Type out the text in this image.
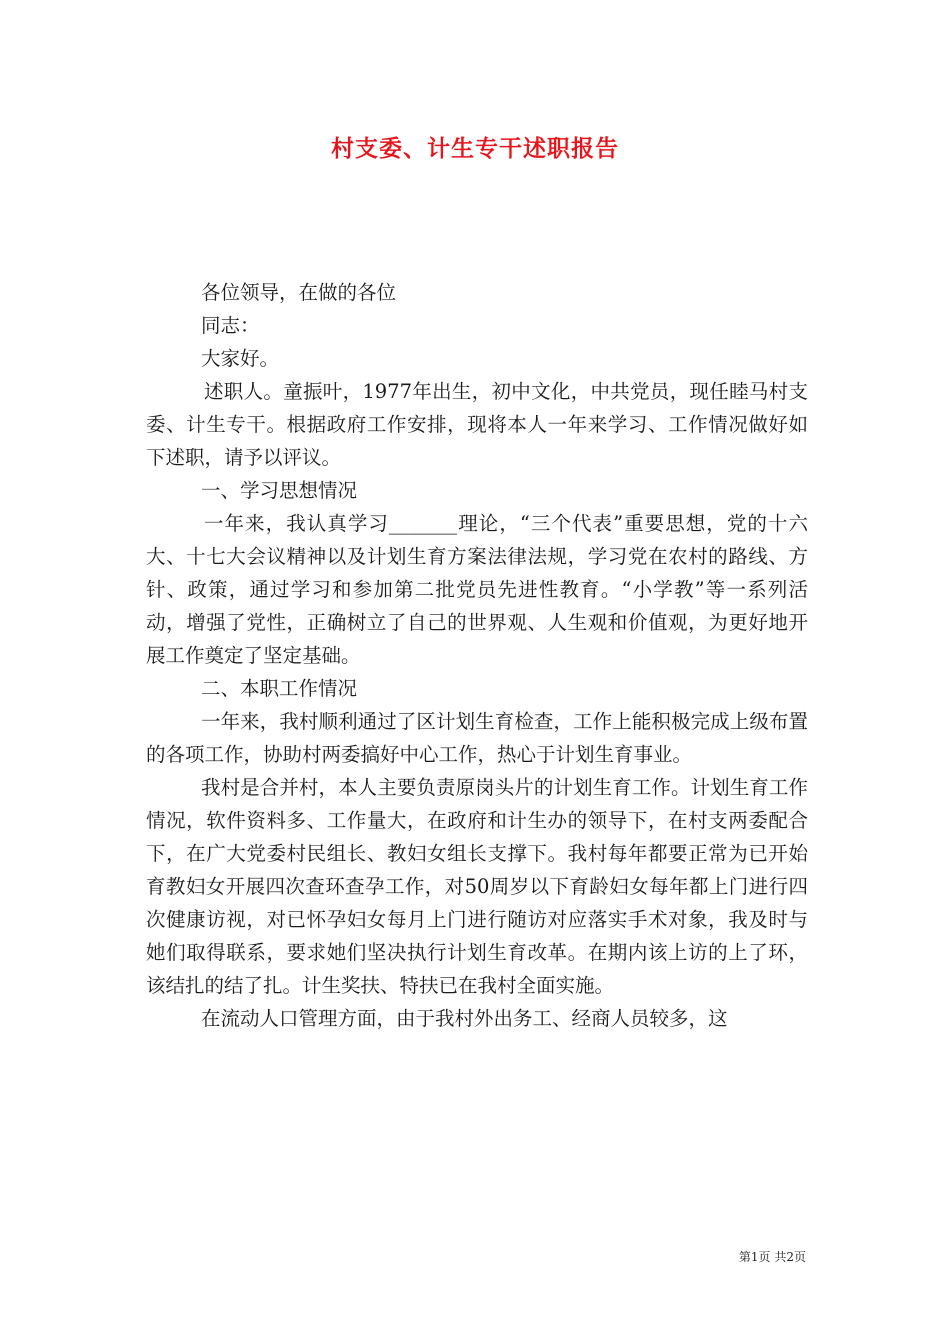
村支委、计生专干述职报告

各位领导，在做的各位

同志：

大家好。

述职人。童振叶，1977年出生，初中文化，中共党员，现任睦马村支委、计生专干。根据政府工作安排，现将本人一年来学习、工作情况做好如下述职，请予以评议。

一、学习思想情况

一年来，我认真学习_______理论，“三个代表”重要思想，党的十六大、十七大会议精神以及计划生育方案法律法规，学习党在农村的路线、方针、政策，通过学习和参加第二批党员先进性教育。“小学教”等一系列活动，增强了党性，正确树立了自己的世界观、人生观和价值观，为更好地开展工作奠定了坚定基础。

二、本职工作情况

一年来，我村顺利通过了区计划生育检查，工作上能积极完成上级布置的各项工作，协助村两委搞好中心工作，热心于计划生育事业。

我村是合并村，本人主要负责原岗头片的计划生育工作。计划生育工作情况，软件资料多、工作量大，在政府和计生办的领导下，在村支两委配合下，在广大党委村民组长、教妇女组长支撑下。我村每年都要正常为已开始育教妇女开展四次查环查孕工作，对50周岁以下育龄妇女每年都上门进行四次健康访视，对已怀孕妇女每月上门进行随访对应落实手术对象，我及时与她们取得联系，要求她们坚决执行计划生育改革。在期内该上访的上了环，该结扎的结了扎。计生奖扶、特扶已在我村全面实施。

在流动人口管理方面，由于我村外出务工、经商人员较多，这

第1页 共2页
